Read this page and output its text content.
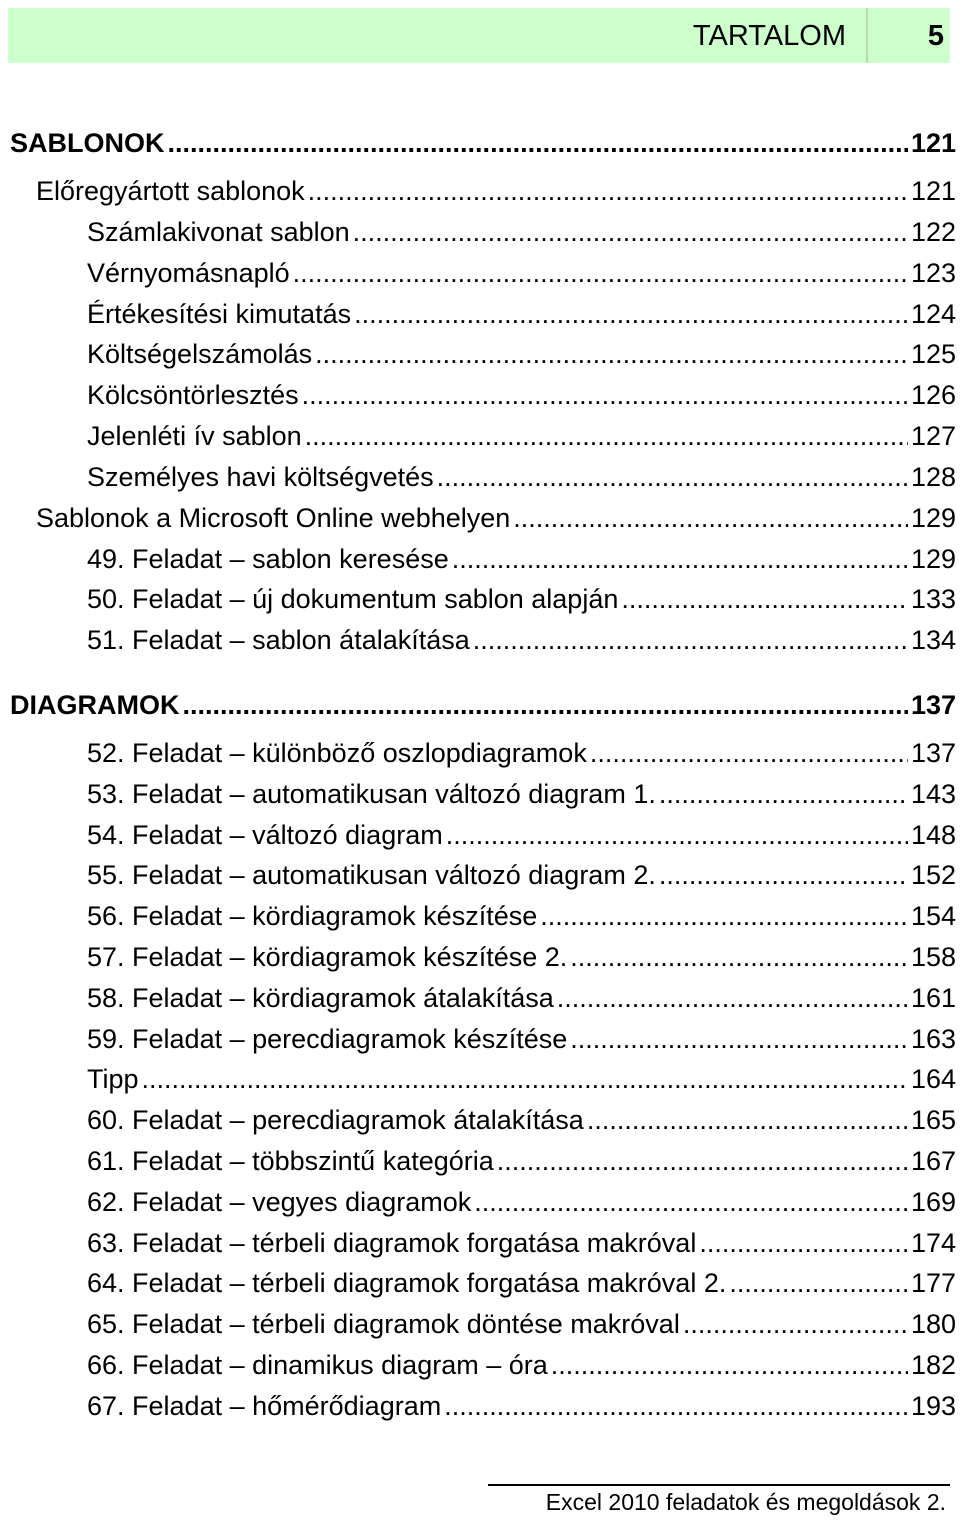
TARTALOM	5
SABLONOK .....	121
Előregyártott sablonok .....	121
Számlakivonat sablon .....	122
Vérnyomásnapló .....	123
Értékesítési kimutatás .....	124
Költségelszámolás .....	125
Kölcsöntörlesztés .....	126
Jelenléti ív sablon .....	127
Személyes havi költségvetés .....	128
Sablonok a Microsoft Online webhelyen .....	129
49. Feladat – sablon keresése .....	129
50. Feladat – új dokumentum sablon alapján .....	133
51. Feladat – sablon átalakítása .....	134
DIAGRAMOK .....	137
52. Feladat – különböző oszlopdiagramok .....	137
53. Feladat – automatikusan változó diagram 1. .....	143
54. Feladat – változó diagram .....	148
55. Feladat – automatikusan változó diagram 2. .....	152
56. Feladat – kördiagramok készítése .....	154
57. Feladat – kördiagramok készítése 2. .....	158
58. Feladat – kördiagramok átalakítása .....	161
59. Feladat – perecdiagramok készítése .....	163
Tipp .....	164
60. Feladat – perecdiagramok átalakítása .....	165
61. Feladat – többszintű kategória .....	167
62. Feladat – vegyes diagramok .....	169
63. Feladat – térbeli diagramok forgatása makróval .....	174
64. Feladat – térbeli diagramok forgatása makróval 2. .....	177
65. Feladat – térbeli diagramok döntése makróval .....	180
66. Feladat – dinamikus diagram – óra .....	182
67. Feladat – hőmérődiagram .....	193
Excel 2010 feladatok és megoldások 2.
